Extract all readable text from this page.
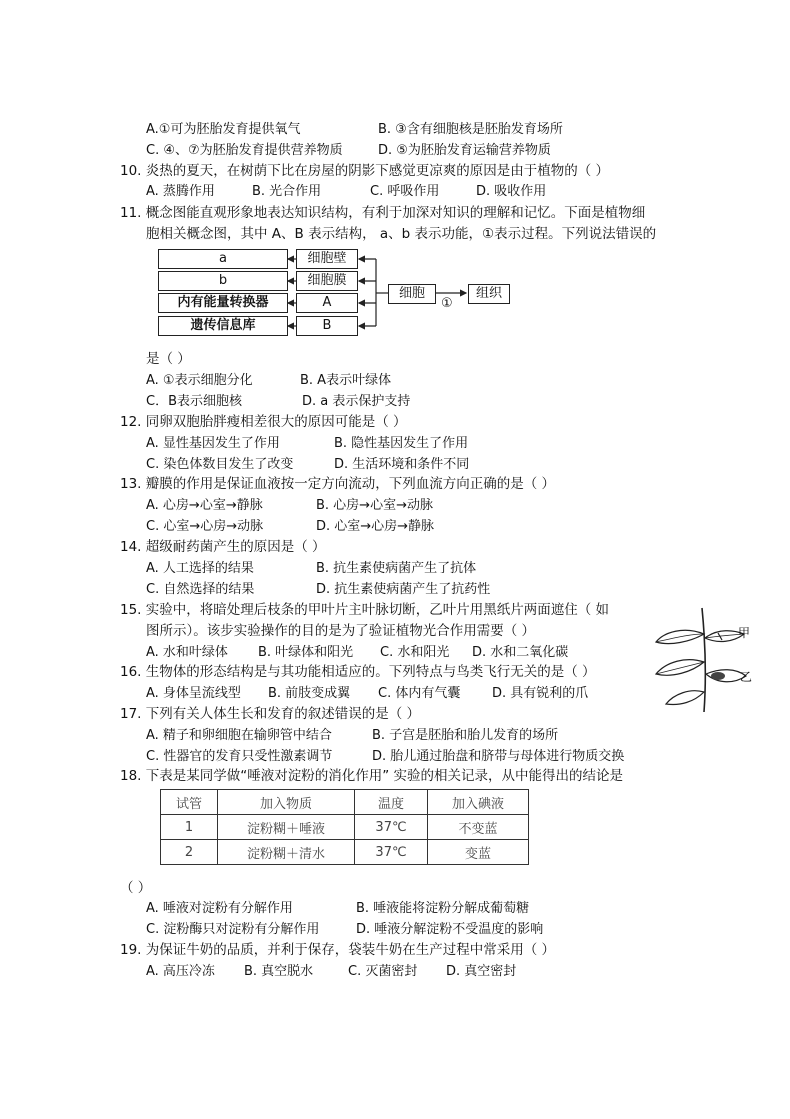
A.①可为胚胎发育提供氧气	B. ③含有细胞核是胚胎发育场所
C. ④、⑦为胚胎发育提供营养物质	D. ⑤为胚胎发育运输营养物质
10. 炎热的夏天，在树荫下比在房屋的阴影下感觉更凉爽的原因是由于植物的（ ）
A. 蒸腾作用	B. 光合作用	C. 呼吸作用	D. 吸收作用
11. 概念图能直观形象地表达知识结构，有利于加深对知识的理解和记忆。下面是植物细
胞相关概念图，其中 A、B 表示结构， a、b 表示功能，①表示过程。下列说法错误的
a
b
内有能量转换器
遗传信息库
细胞壁
细胞膜
A
B
细胞	组织
①
是（ ）
A. ①表示细胞分化	B. A表示叶绿体
C．B表示细胞核	D. a 表示保护支持
12. 同卵双胞胎胖瘦相差很大的原因可能是（ ）
A. 显性基因发生了作用	B. 隐性基因发生了作用
C. 染色体数目发生了改变	D. 生活环境和条件不同
13. 瓣膜的作用是保证血液按一定方向流动，下列血流方向正确的是（ ）
A. 心房→心室→静脉	B. 心房→心室→动脉
C. 心室→心房→动脉	D. 心室→心房→静脉
14. 超级耐药菌产生的原因是（ ）
A. 人工选择的结果	B. 抗生素使病菌产生了抗体
C. 自然选择的结果	D. 抗生素使病菌产生了抗药性
15. 实验中，将暗处理后枝条的甲叶片主叶脉切断，乙叶片用黑纸片两面遮住（ 如
图所示）。该步实验操作的目的是为了验证植物光合作用需要（ ）
A. 水和叶绿体 B. 叶绿体和阳光 C. 水和阳光 D. 水和二氧化碳
甲
乙
16. 生物体的形态结构是与其功能相适应的。下列特点与鸟类飞行无关的是（ ）
A. 身体呈流线型 B. 前肢变成翼 C. 体内有气囊 D. 具有锐利的爪
17. 下列有关人体生长和发育的叙述错误的是（ ）
A. 精子和卵细胞在输卵管中结合	B. 子宫是胚胎和胎儿发育的场所
C. 性器官的发育只受性激素调节	D. 胎儿通过胎盘和脐带与母体进行物质交换
18. 下表是某同学做“唾液对淀粉的消化作用” 实验的相关记录，从中能得出的结论是
试管	加入物质	温度	加入碘液
1	淀粉糊＋唾液	37℃	不变蓝
2	淀粉糊＋清水	37℃	变蓝
（ ）
A. 唾液对淀粉有分解作用	B. 唾液能将淀粉分解成葡萄糖
C. 淀粉酶只对淀粉有分解作用	D. 唾液分解淀粉不受温度的影响
19. 为保证牛奶的品质，并利于保存，袋装牛奶在生产过程中常采用（ ）
A. 高压冷冻 B. 真空脱水	C. 灭菌密封 D. 真空密封
